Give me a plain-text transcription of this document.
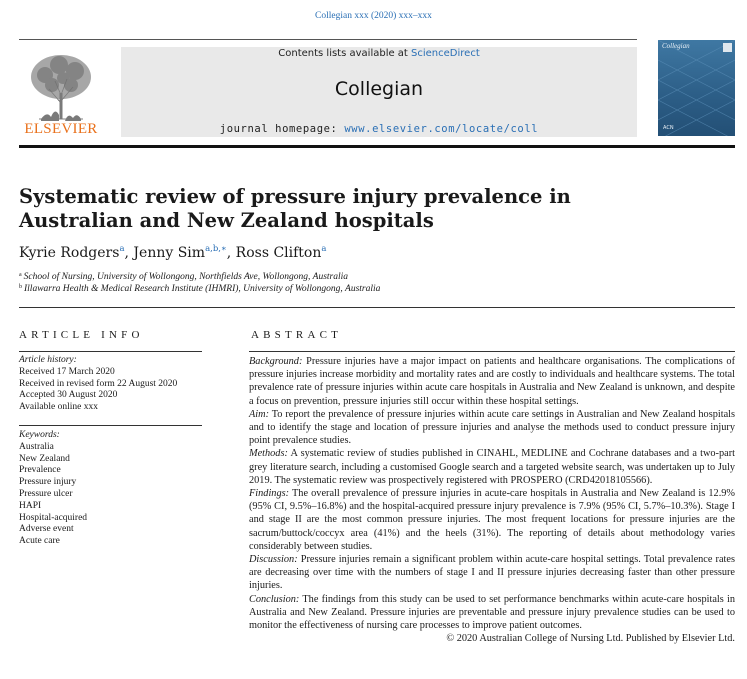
Collegian xxx (2020) xxx–xxx
ELSEVIER
Contents lists available at ScienceDirect
Collegian
journal homepage: www.elsevier.com/locate/coll
Collegian
ACN
Systematic review of pressure injury prevalence in Australian and New Zealand hospitals
Kyrie Rodgers$^a$, Jenny Sim$^{a,b,∗}$, Ross Clifton$^a$
$^a$ School of Nursing, University of Wollongong, Northfields Ave, Wollongong, Australia
$^b$ Illawarra Health & Medical Research Institute (IHMRI), University of Wollongong, Australia
ARTICLE INFO	ABSTRACT
Article history:
Received 17 March 2020
Received in revised form 22 August 2020
Accepted 30 August 2020
Available online xxx
Keywords:
Australia
New Zealand
Prevalence
Pressure injury
Pressure ulcer
HAPI
Hospital-acquired
Adverse event
Acute care

Background: Pressure injuries have a major impact on patients and healthcare organisations. The complications of pressure injuries increase morbidity and mortality rates and are costly to individuals and healthcare systems. The total prevalence rate of pressure injuries within acute care hospitals in Australia and New Zealand is unknown, and despite a focus on prevention, pressure injuries still occur within these hospital settings.

Aim: To report the prevalence of pressure injuries within acute care settings in Australian and New Zealand hospitals and to identify the stage and location of pressure injuries and analyse the methods used to conduct pressure injury point prevalence studies.

Methods: A systematic review of studies published in CINAHL, MEDLINE and Cochrane databases and a two-part grey literature search, including a customised Google search and a targeted website search, was undertaken up to July 2019. The systematic review was prospectively registered with PROSPERO (CRD42018105566).

Findings: The overall prevalence of pressure injuries in acute-care hospitals in Australia and New Zealand is 12.9% (95% CI, 9.5%–16.8%) and the hospital-acquired pressure injury prevalence is 7.9% (95% CI, 5.7%–10.3%). Stage I and stage II are the most common pressure injuries. The most frequent locations for pressure injuries are the sacrum/buttock/coccyx area (41%) and the heels (31%). The reporting of details about methodology varies considerably between studies.

Discussion: Pressure injuries remain a significant problem within acute-care hospital settings. Total prevalence rates are decreasing over time with the numbers of stage I and II pressure injuries decreasing faster than other pressure injuries.

Conclusion: The findings from this study can be used to set performance benchmarks within acute-care hospitals in Australia and New Zealand. Pressure injuries are preventable and pressure injury prevalence studies can be used to monitor the effectiveness of nursing care processes to improve patient outcomes.

© 2020 Australian College of Nursing Ltd. Published by Elsevier Ltd.
